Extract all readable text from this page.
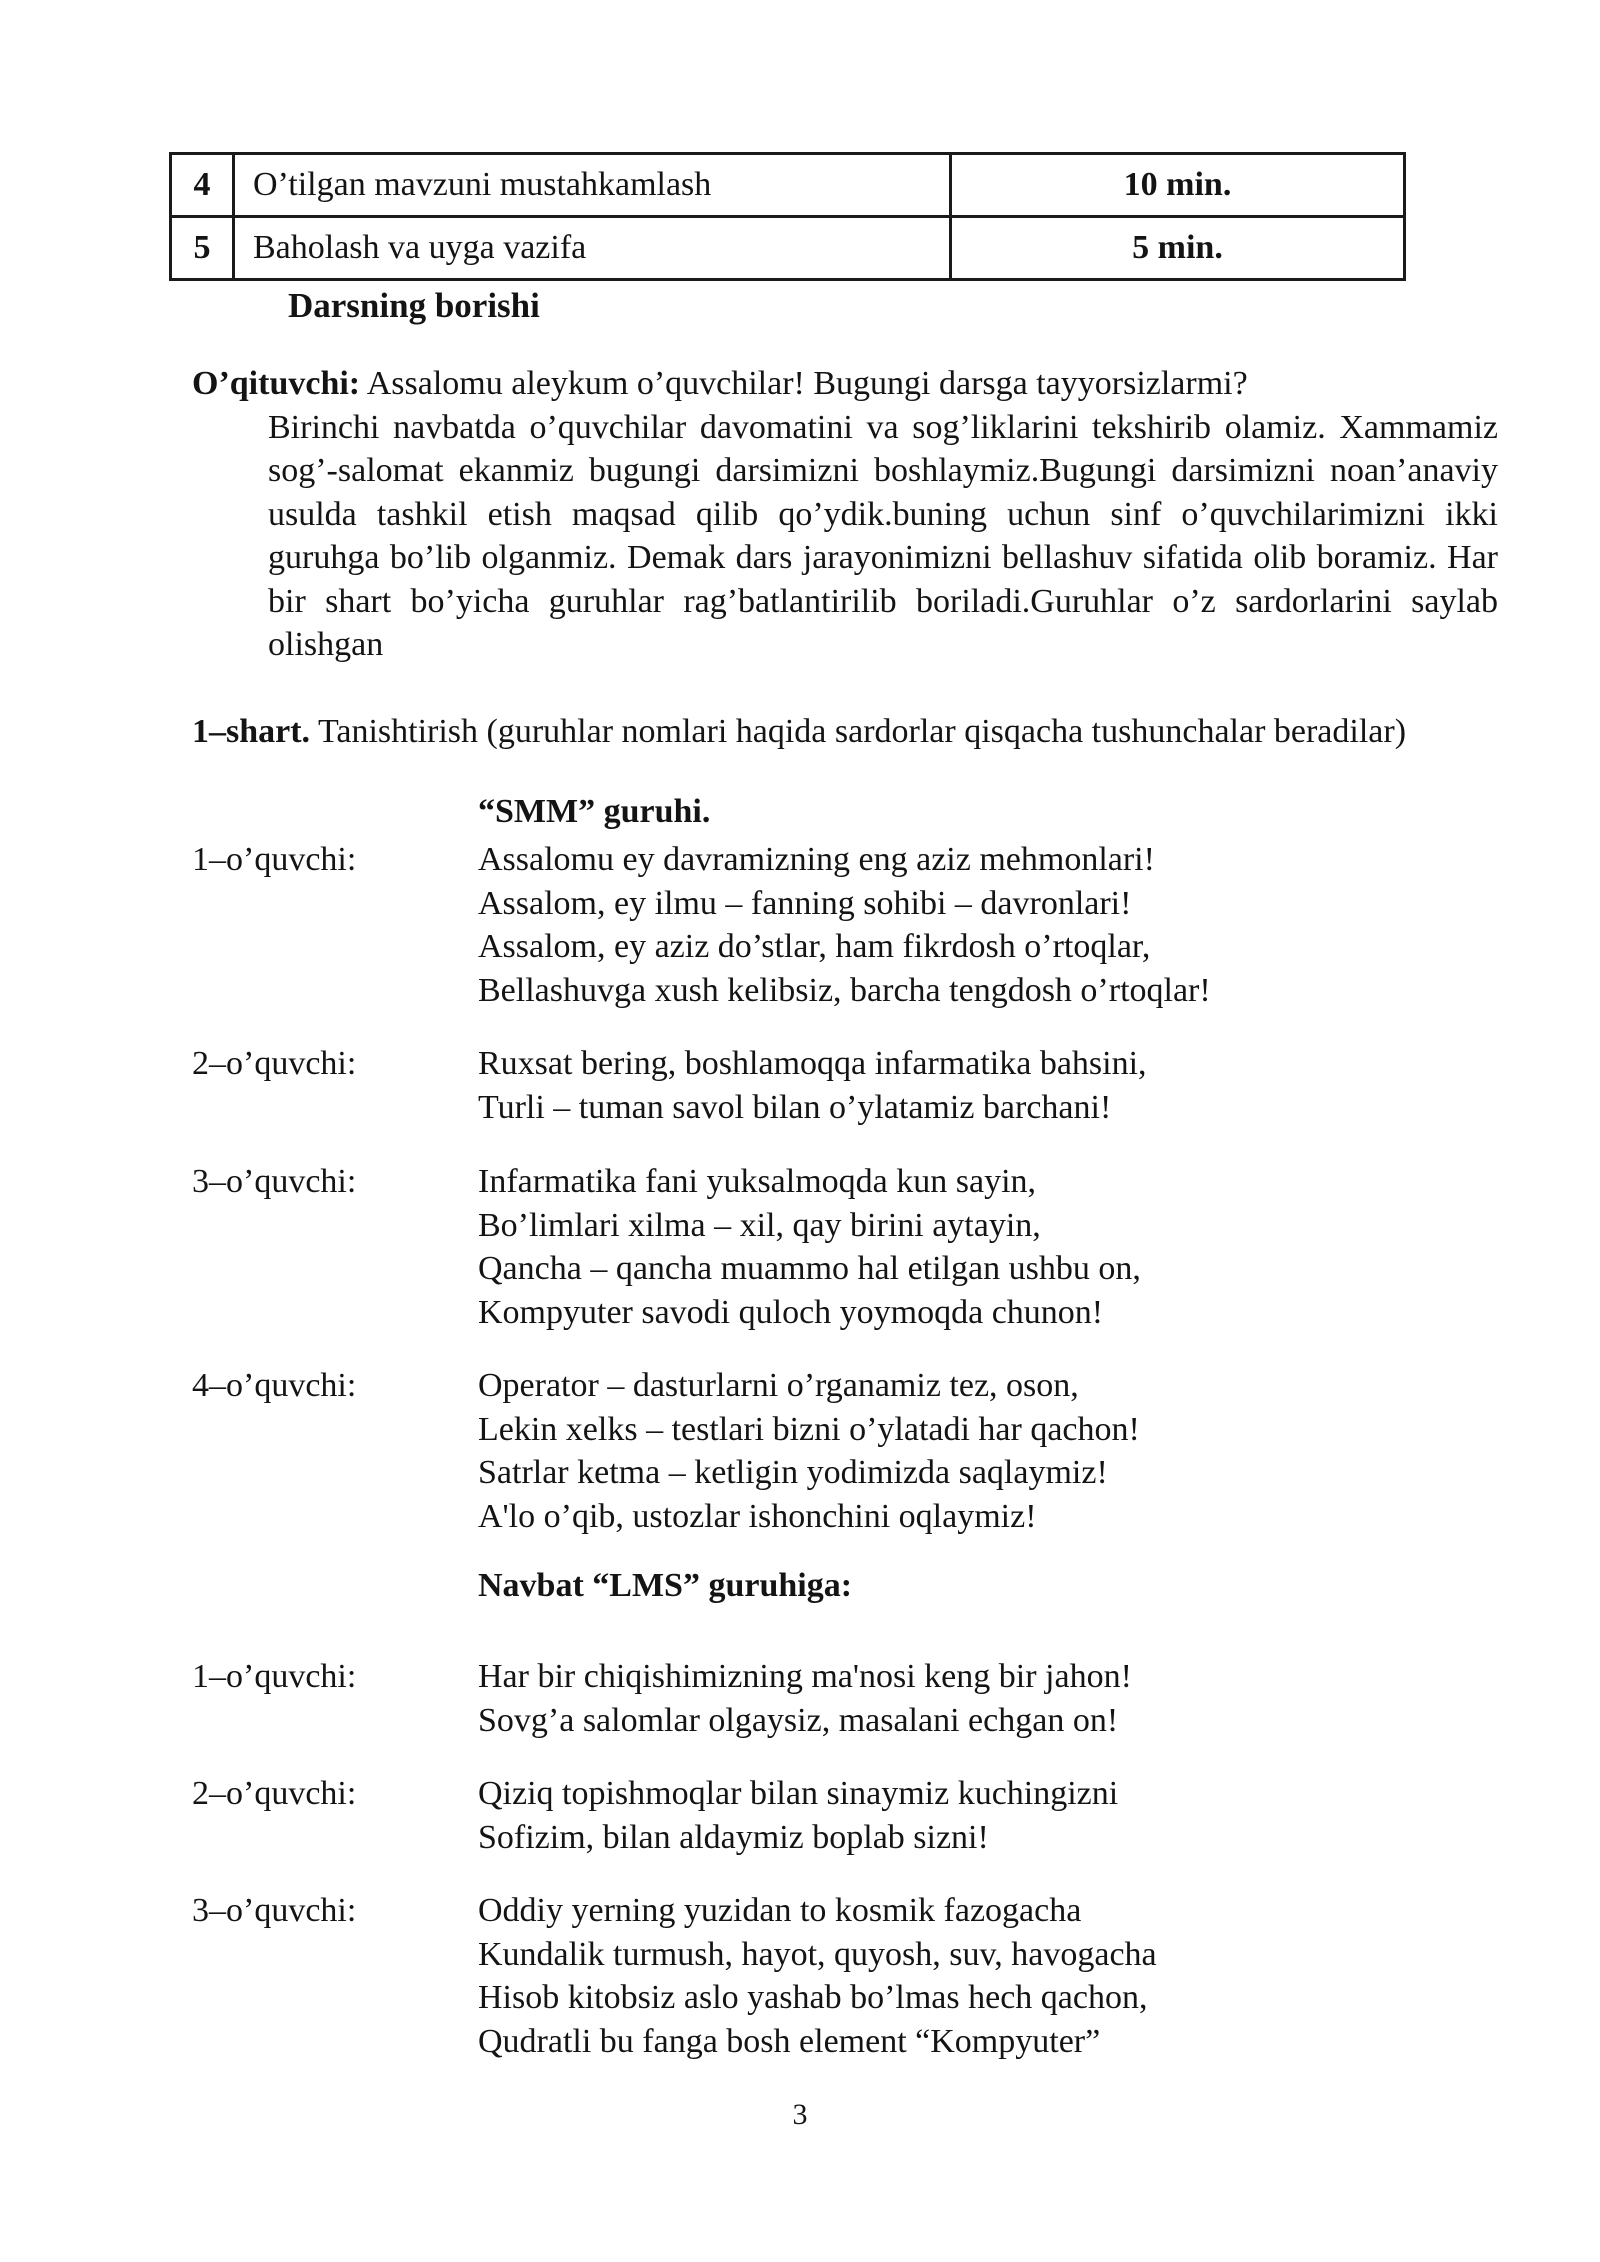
4	O’tilgan mavzuni mustahkamlash	10 min.
5	Baholash va uyga vazifa	5 min.
Darsning borishi
O’qituvchi: Assalomu aleykum o’quvchilar! Bugungi darsga tayyorsizlarmi?
Birinchi navbatda o’quvchilar davomatini va sog’liklarini tekshirib olamiz. Xammamiz sog’-salomat ekanmiz bugungi darsimizni boshlaymiz.Bugungi darsimizni noan’anaviy usulda tashkil etish maqsad qilib qo’ydik.buning uchun sinf o’quvchilarimizni ikki guruhga bo’lib olganmiz. Demak dars jarayonimizni bellashuv sifatida olib boramiz. Har bir shart bo’yicha guruhlar rag’batlantirilib boriladi.Guruhlar o’z sardorlarini saylab olishgan
1–shart. Tanishtirish (guruhlar nomlari haqida sardorlar qisqacha tushunchalar beradilar)
“SMM” guruhi.
1–o’quvchi:	Assalomu ey davramizning eng aziz mehmonlari!
Assalom, ey ilmu – fanning sohibi – davronlari!
Assalom, ey aziz do’stlar, ham fikrdosh o’rtoqlar,
Bellashuvga xush kelibsiz, barcha tengdosh o’rtoqlar!
2–o’quvchi:	Ruxsat bering, boshlamoqqa infarmatika bahsini,
Turli – tuman savol bilan o’ylatamiz barchani!
3–o’quvchi:	Infarmatika fani yuksalmoqda kun sayin,
Bo’limlari xilma – xil, qay birini aytayin,
Qancha – qancha muammo hal etilgan ushbu on,
Kompyuter savodi quloch yoymoqda chunon!
4–o’quvchi:	Operator – dasturlarni o’rganamiz tez, oson,
Lekin xelks – testlari bizni o’ylatadi har qachon!
Satrlar ketma – ketligin yodimizda saqlaymiz!
A'lo o’qib, ustozlar ishonchini oqlaymiz!
Navbat “LMS” guruhiga:
1–o’quvchi:	Har bir chiqishimizning ma'nosi keng bir jahon!
Sovg’a salomlar olgaysiz, masalani echgan on!
2–o’quvchi:	Qiziq topishmoqlar bilan sinaymiz kuchingizni
Sofizim, bilan aldaymiz boplab sizni!
3–o’quvchi:	Oddiy yerning yuzidan to kosmik fazogacha
Kundalik turmush, hayot, quyosh, suv, havogacha
Hisob kitobsiz aslo yashab bo’lmas hech qachon,
Qudratli bu fanga bosh element “Kompyuter”
3
